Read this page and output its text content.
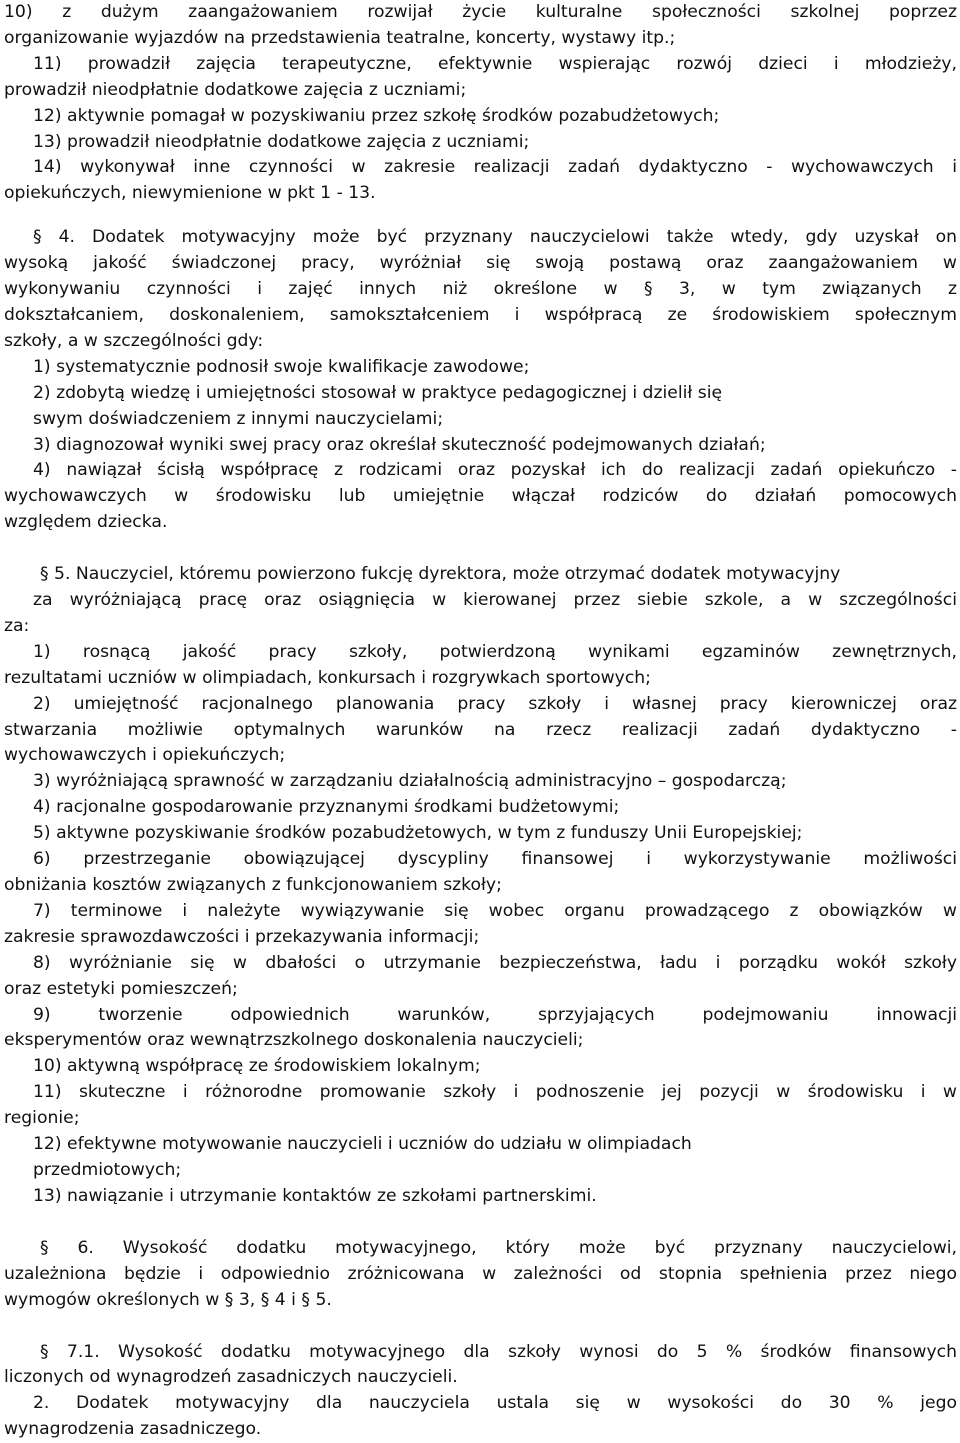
10) z dużym zaangażowaniem rozwijał życie kulturalne społeczności szkolnej poprzez
organizowanie wyjazdów na przedstawienia teatralne, koncerty, wystawy itp.;
11) prowadził zajęcia terapeutyczne, efektywnie wspierając rozwój dzieci i młodzieży,
prowadził nieodpłatnie dodatkowe zajęcia z uczniami;
12) aktywnie pomagał w pozyskiwaniu przez szkołę środków pozabudżetowych;
13) prowadził nieodpłatnie dodatkowe zajęcia z uczniami;
14) wykonywał inne czynności w zakresie realizacji zadań dydaktyczno - wychowawczych i
opiekuńczych, niewymienione w pkt 1 - 13.
§ 4. Dodatek motywacyjny może być przyznany nauczycielowi także wtedy, gdy uzyskał on
wysoką jakość świadczonej pracy, wyróżniał się swoją postawą oraz zaangażowaniem w
wykonywaniu czynności i zajęć innych niż określone w § 3, w tym związanych z
dokształcaniem, doskonaleniem, samokształceniem i współpracą ze środowiskiem społecznym
szkoły, a w szczególności gdy:
1) systematycznie podnosił swoje kwalifikacje zawodowe;
2) zdobytą wiedzę i umiejętności stosował w praktyce pedagogicznej i dzielił się
swym doświadczeniem z innymi nauczycielami;
3) diagnozował wyniki swej pracy oraz określał skuteczność podejmowanych działań;
4) nawiązał ścisłą współpracę z rodzicami oraz pozyskał ich do realizacji zadań opiekuńczo -
wychowawczych w środowisku lub umiejętnie włączał rodziców do działań pomocowych
względem dziecka.
§ 5. Nauczyciel, któremu powierzono fukcję dyrektora, może otrzymać dodatek motywacyjny
za wyróżniającą pracę oraz osiągnięcia w kierowanej przez siebie szkole, a w szczególności
za:
1) rosnącą jakość pracy szkoły, potwierdzoną wynikami egzaminów zewnętrznych,
rezultatami uczniów w olimpiadach, konkursach i rozgrywkach sportowych;
2) umiejętność racjonalnego planowania pracy szkoły i własnej pracy kierowniczej oraz
stwarzania możliwie optymalnych warunków na rzecz realizacji zadań dydaktyczno -
wychowawczych i opiekuńczych;
3) wyróżniającą sprawność w zarządzaniu działalnością administracyjno – gospodarczą;
4) racjonalne gospodarowanie przyznanymi środkami budżetowymi;
5) aktywne pozyskiwanie środków pozabudżetowych, w tym z funduszy Unii Europejskiej;
6) przestrzeganie obowiązującej dyscypliny finansowej i wykorzystywanie możliwości
obniżania kosztów związanych z funkcjonowaniem szkoły;
7) terminowe i należyte wywiązywanie się wobec organu prowadzącego z obowiązków w
zakresie sprawozdawczości i przekazywania informacji;
8) wyróżnianie się w dbałości o utrzymanie bezpieczeństwa, ładu i porządku wokół szkoły
oraz estetyki pomieszczeń;
9) tworzenie odpowiednich warunków, sprzyjających podejmowaniu innowacji
eksperymentów oraz wewnątrzszkolnego doskonalenia nauczycieli;
10) aktywną współpracę ze środowiskiem lokalnym;
11) skuteczne i różnorodne promowanie szkoły i podnoszenie jej pozycji w środowisku i w
regionie;
12) efektywne motywowanie nauczycieli i uczniów do udziału w olimpiadach
przedmiotowych;
13) nawiązanie i utrzymanie kontaktów ze szkołami partnerskimi.
§ 6. Wysokość dodatku motywacyjnego, który może być przyznany nauczycielowi,
uzależniona będzie i odpowiednio zróżnicowana w zależności od stopnia spełnienia przez niego
wymogów określonych w § 3, § 4 i § 5.
§ 7.1. Wysokość dodatku motywacyjnego dla szkoły wynosi do 5 % środków finansowych
liczonych od wynagrodzeń zasadniczych nauczycieli.
2. Dodatek motywacyjny dla nauczyciela ustala się w wysokości do 30 % jego
wynagrodzenia zasadniczego.
